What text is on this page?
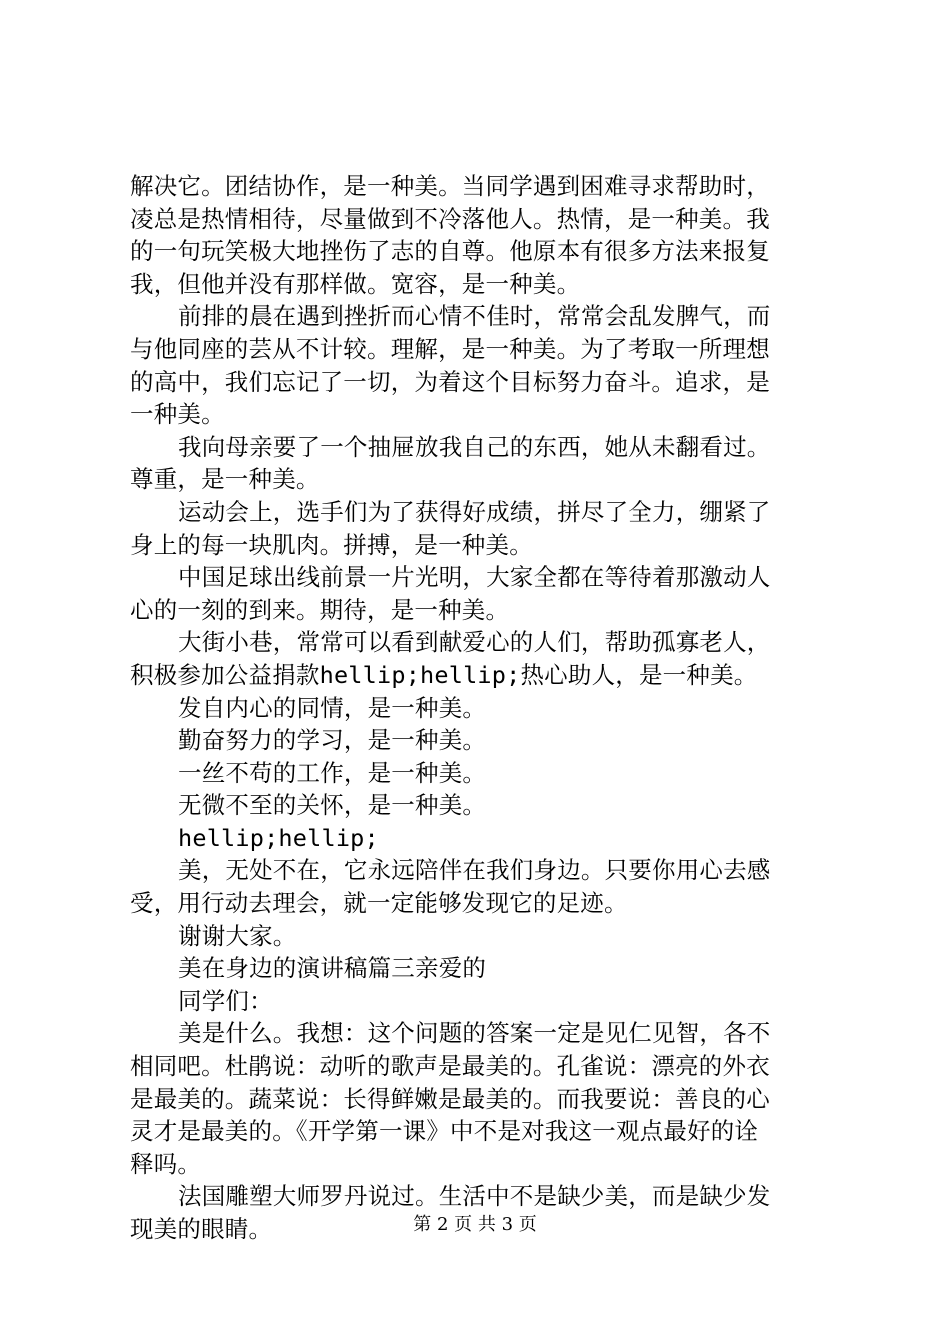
解决它。团结协作，是一种美。当同学遇到困难寻求帮助时，
凌总是热情相待，尽量做到不冷落他人。热情，是一种美。我
的一句玩笑极大地挫伤了志的自尊。他原本有很多方法来报复
我，但他并没有那样做。宽容，是一种美。
前排的晨在遇到挫折而心情不佳时，常常会乱发脾气，而
与他同座的芸从不计较。理解，是一种美。为了考取一所理想
的高中，我们忘记了一切，为着这个目标努力奋斗。追求，是
一种美。
我向母亲要了一个抽屉放我自己的东西，她从未翻看过。
尊重，是一种美。
运动会上，选手们为了获得好成绩，拼尽了全力，绷紧了
身上的每一块肌肉。拼搏，是一种美。
中国足球出线前景一片光明，大家全都在等待着那激动人
心的一刻的到来。期待，是一种美。
大街小巷，常常可以看到献爱心的人们，帮助孤寡老人，
积极参加公益捐款hellip;hellip;热心助人，是一种美。
发自内心的同情，是一种美。
勤奋努力的学习，是一种美。
一丝不苟的工作，是一种美。
无微不至的关怀，是一种美。
hellip;hellip;
美，无处不在，它永远陪伴在我们身边。只要你用心去感
受，用行动去理会，就一定能够发现它的足迹。
谢谢大家。
美在身边的演讲稿篇三亲爱的
同学们：
美是什么。我想：这个问题的答案一定是见仁见智，各不
相同吧。杜鹃说：动听的歌声是最美的。孔雀说：漂亮的外衣
是最美的。蔬菜说：长得鲜嫩是最美的。而我要说：善良的心
灵才是最美的。《开学第一课》中不是对我这一观点最好的诠
释吗。
法国雕塑大师罗丹说过。生活中不是缺少美，而是缺少发
现美的眼睛。	第 2 页 共 3 页
